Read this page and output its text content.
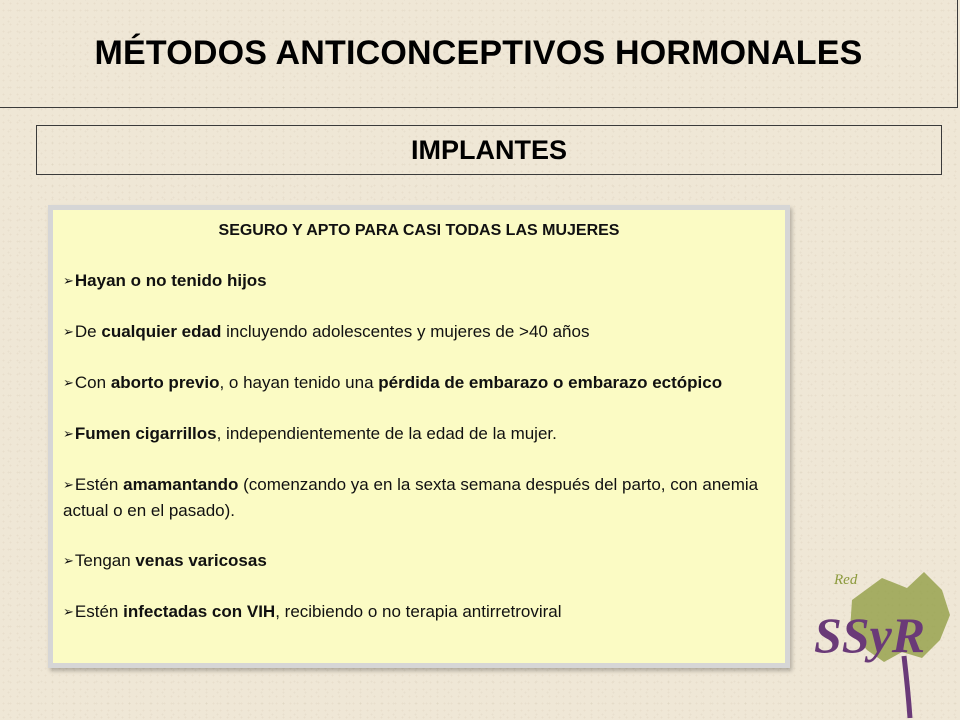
MÉTODOS ANTICONCEPTIVOS HORMONALES
IMPLANTES
SEGURO Y APTO PARA CASI TODAS LAS MUJERES
➢Hayan o no tenido hijos
➢De cualquier edad incluyendo adolescentes y mujeres de >40 años
➢Con aborto previo, o hayan tenido una pérdida de embarazo o embarazo ectópico
➢Fumen cigarrillos, independientemente de la edad de la mujer.
➢Estén amamantando (comenzando ya en la sexta semana después del parto, con anemia actual o en el pasado).
➢Tengan venas varicosas
➢Estén infectadas con VIH, recibiendo o no terapia antirretroviral
Red
SSyR
